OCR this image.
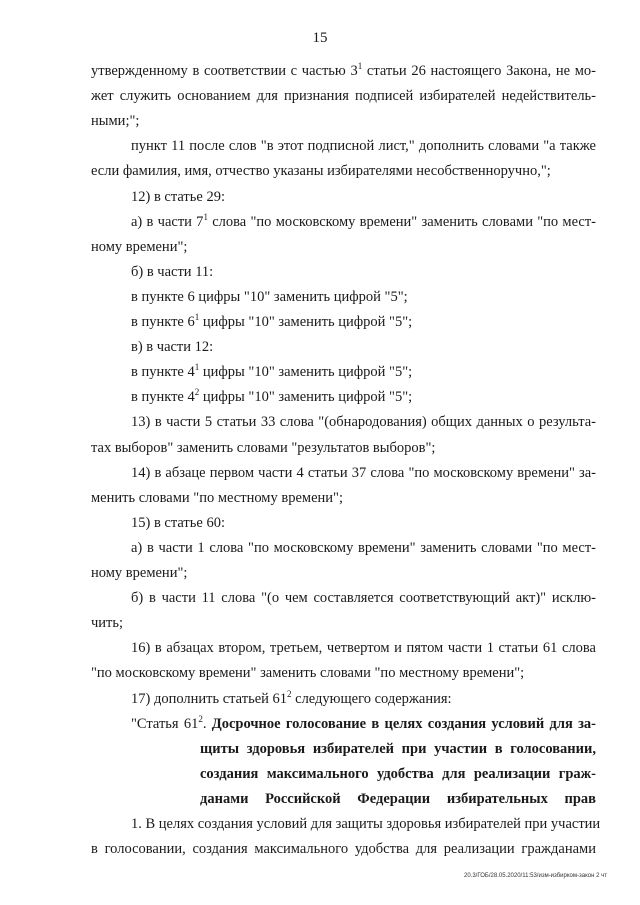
15
утвержденному в соответствии с частью $3^1$ статьи 26 настоящего Закона, не мо-
жет служить основанием для признания подписей избирателей недействитель-
ными;";
пункт 11 после слов "в этот подписной лист," дополнить словами "а также
если фамилия, имя, отчество указаны избирателями несобственноручно,";
12) в статье 29:
а) в части $7^1$ слова "по московскому времени" заменить словами "по мест-
ному времени";
б) в части 11:
в пункте 6 цифры "10" заменить цифрой "5";
в пункте $6^1$ цифры "10" заменить цифрой "5";
в) в части 12:
в пункте $4^1$ цифры "10" заменить цифрой "5";
в пункте $4^2$ цифры "10" заменить цифрой "5";
13) в части 5 статьи 33 слова "(обнародования) общих данных о результа-
тах выборов" заменить словами "результатов выборов";
14) в абзаце первом части 4 статьи 37 слова "по московскому времени" за-
менить словами "по местному времени";
15) в статье 60:
а) в части 1 слова "по московскому времени" заменить словами "по мест-
ному времени";
б) в части 11 слова "(о чем составляется соответствующий акт)" исклю-
чить;
16) в абзацах втором, третьем, четвертом и пятом части 1 статьи 61 слова
"по московскому времени" заменить словами "по местному времени";
17) дополнить статьей $61^2$ следующего содержания:
"Статья $61^2$. Досрочное голосование в целях создания условий для за-
щиты здоровья избирателей при участии в голосовании,
создания максимального удобства для реализации граж-
данами Российской Федерации избирательных прав
1. В целях создания условий для защиты здоровья избирателей при участии
в голосовании, создания максимального удобства для реализации гражданами
20.3/ГОБ/28.05.2020/11:53/изм-избирком-закон 2 чт
